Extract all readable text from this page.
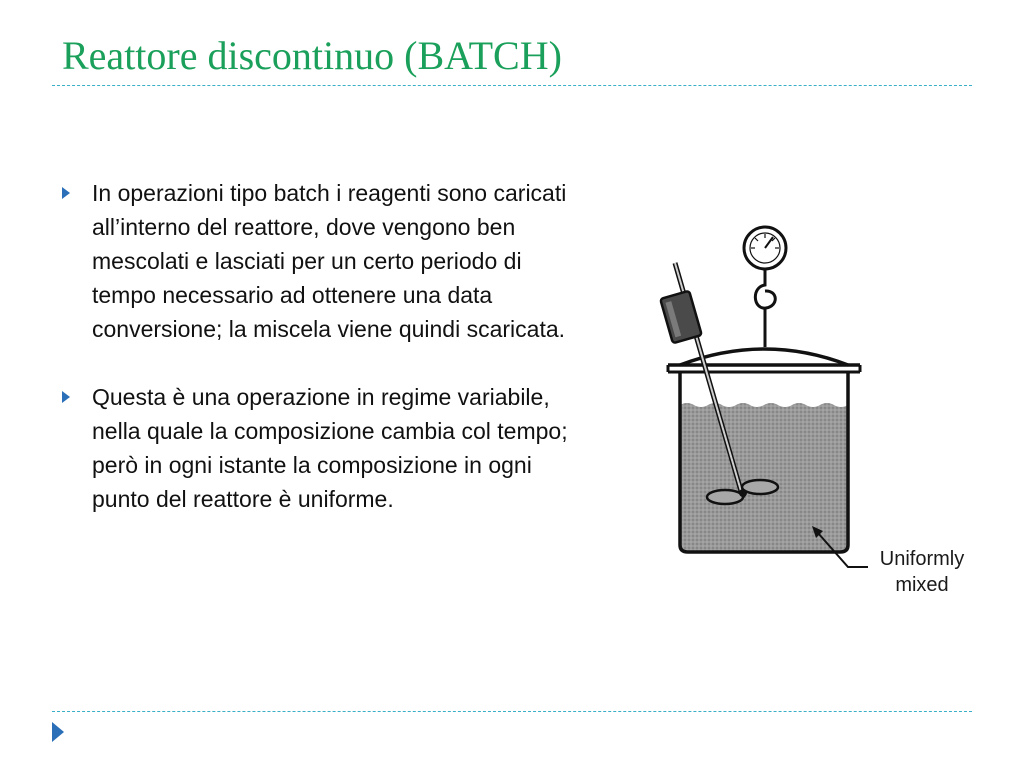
Reattore discontinuo (BATCH)
In operazioni tipo batch i reagenti sono caricati all’interno del reattore, dove vengono ben mescolati e lasciati per un certo periodo di tempo necessario ad ottenere una data conversione; la miscela viene quindi scaricata.
Questa è una operazione in regime variabile, nella quale la composizione cambia col tempo; però in ogni istante la composizione in ogni punto del reattore è uniforme.
Uniformly
mixed
